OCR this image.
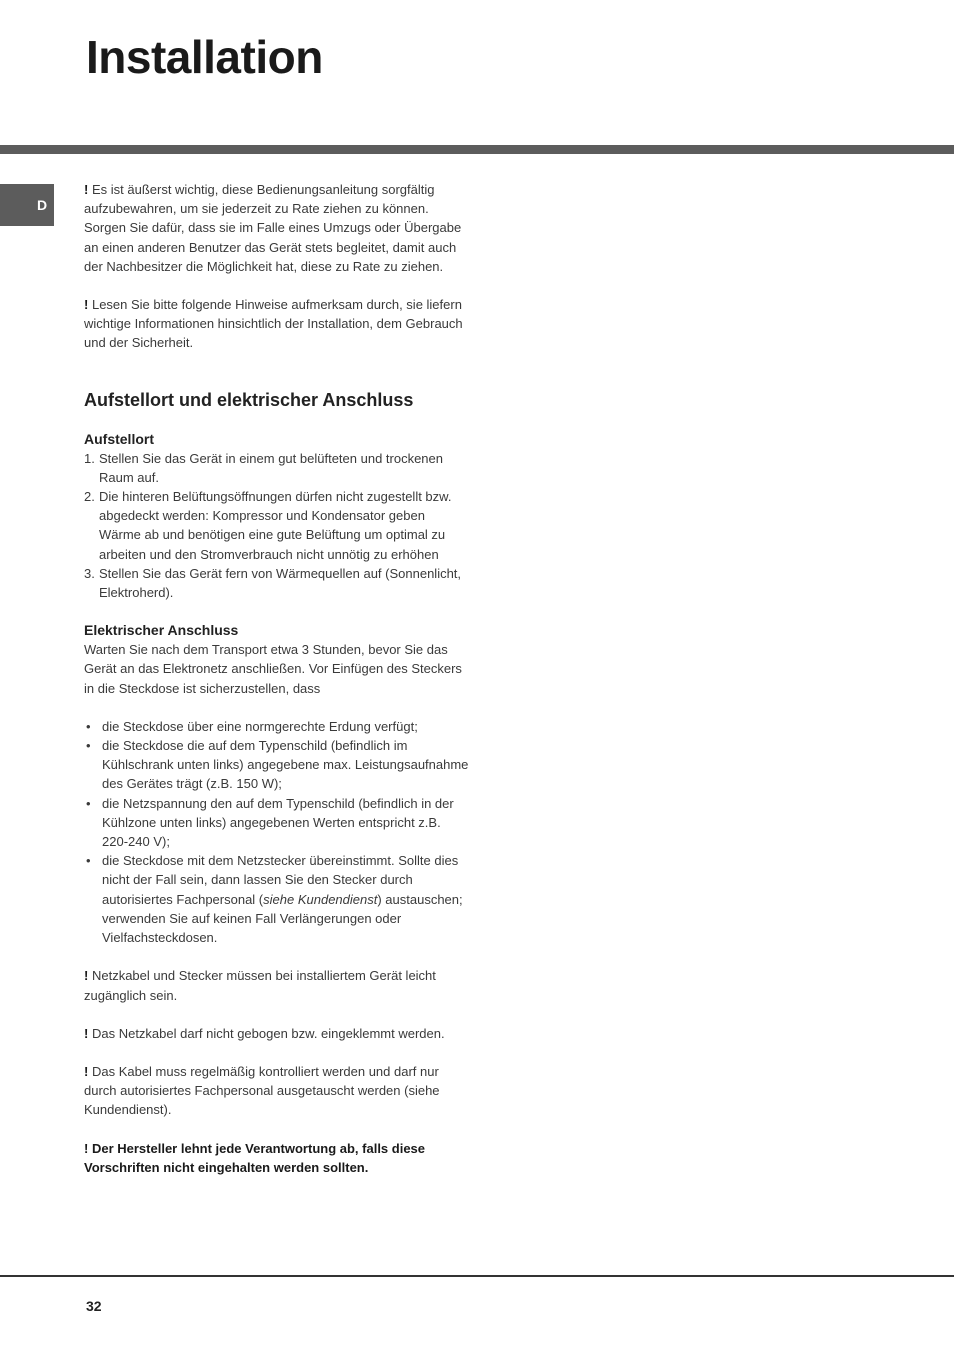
Installation
D

! Es ist äußerst wichtig, diese Bedienungsanleitung sorgfältig aufzubewahren, um sie jederzeit zu Rate ziehen zu können. Sorgen Sie dafür, dass sie im Falle eines Umzugs oder Übergabe an einen anderen Benutzer das Gerät stets begleitet, damit auch der Nachbesitzer die Möglichkeit hat, diese zu Rate zu ziehen.

! Lesen Sie bitte folgende Hinweise aufmerksam durch, sie liefern wichtige Informationen hinsichtlich der Installation, dem Gebrauch und der Sicherheit.

Aufstellort und elektrischer Anschluss
Aufstellort
1. Stellen Sie das Gerät in einem gut belüfteten und trockenen Raum auf.
2. Die hinteren Belüftungsöffnungen dürfen nicht zugestellt bzw. abgedeckt werden: Kompressor und Kondensator geben Wärme ab und benötigen eine gute Belüftung um optimal zu arbeiten und den Stromverbrauch nicht unnötig zu erhöhen
3. Stellen Sie das Gerät fern von Wärmequellen auf (Sonnenlicht, Elektroherd).
Elektrischer Anschluss

Warten Sie nach dem Transport etwa 3 Stunden, bevor Sie das Gerät an das Elektronetz anschließen. Vor Einfügen des Steckers in die Steckdose ist sicherzustellen, dass

• die Steckdose über eine normgerechte Erdung verfügt;
• die Steckdose die auf dem Typenschild (befindlich im Kühlschrank unten links) angegebene max. Leistungsaufnahme des Gerätes trägt (z.B. 150 W);
• die Netzspannung den auf dem Typenschild (befindlich in der Kühlzone unten links) angegebenen Werten entspricht z.B. 220-240 V);
• die Steckdose mit dem Netzstecker übereinstimmt. Sollte dies nicht der Fall sein, dann lassen Sie den Stecker durch autorisiertes Fachpersonal (siehe Kundendienst) austauschen; verwenden Sie auf keinen Fall Verlängerungen oder Vielfachsteckdosen.

! Netzkabel und Stecker müssen bei installiertem Gerät leicht zugänglich sein.

! Das Netzkabel darf nicht gebogen bzw. eingeklemmt werden.

! Das Kabel muss regelmäßig kontrolliert werden und darf nur durch autorisiertes Fachpersonal ausgetauscht werden (siehe Kundendienst).

! Der Hersteller lehnt jede Verantwortung ab, falls diese Vorschriften nicht eingehalten werden sollten.

32
